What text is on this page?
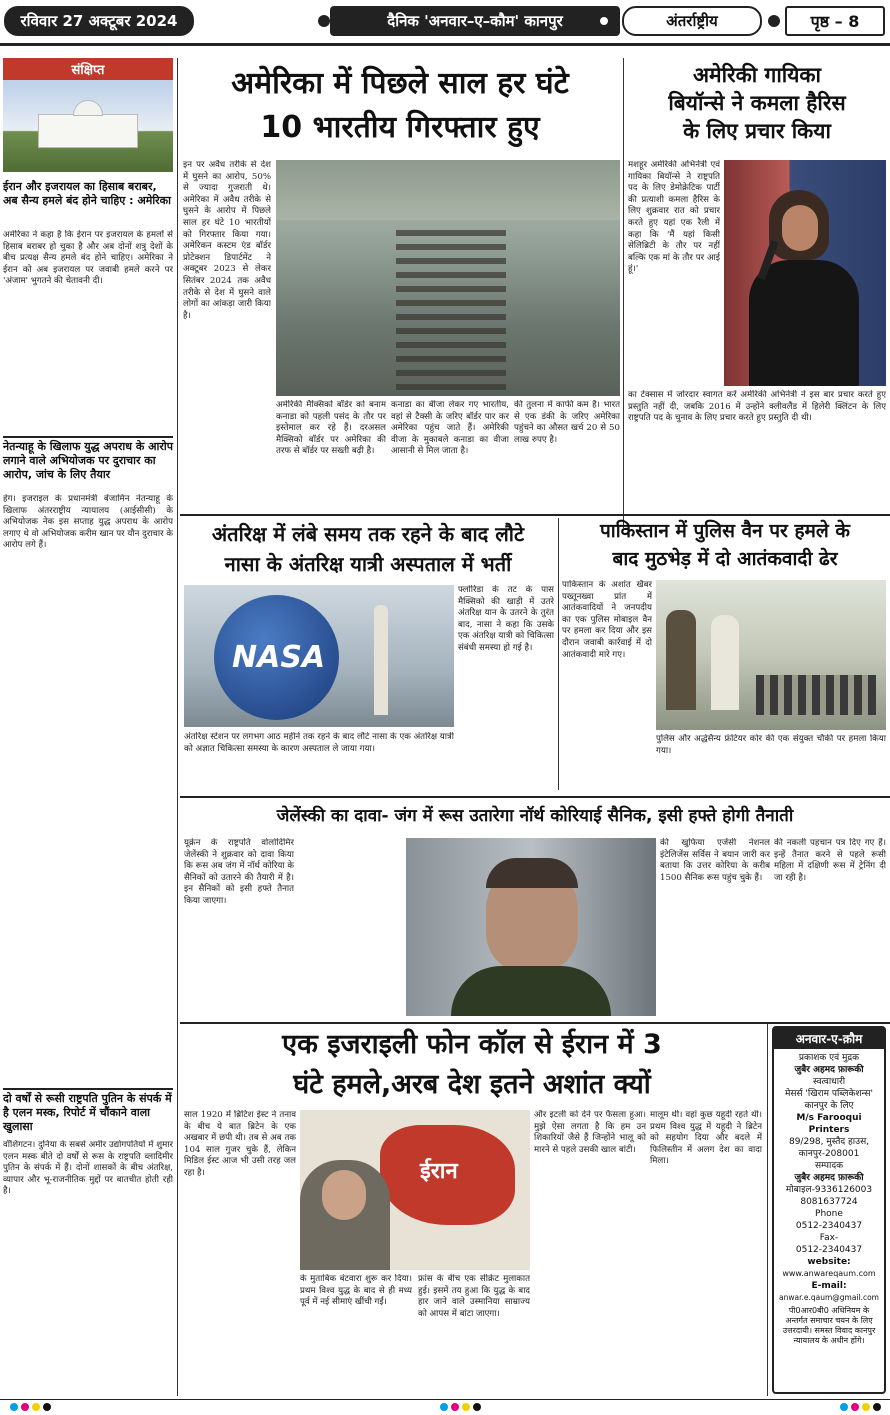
रविवार 27 अक्टूबर 2024	दैनिक 'अनवार–ए–कौम' कानपुर	अंतर्राष्ट्रीय	पृष्ठ – 8
संक्षिप्त
ईरान और इजरायल का हिसाब बराबर, अब सैन्य हमले बंद होने चाहिए : अमेरिका
अमेरिका ने कहा है कि ईरान पर इजरायल के हमलों से हिसाब बराबर हो चुका है और अब दोनों शत्रु देशों के बीच प्रत्यक्ष सैन्य हमले बंद होने चाहिए। अमेरिका ने ईरान को अब इजरायल पर जवाबी हमले करने पर 'अंजाम' भुगतने की चेतावनी दी।
नेतन्याहू के खिलाफ युद्ध अपराध के आरोप लगाने वाले अभियोजक पर दुराचार का आरोप, जांच के लिए तैयार
हेग। इजराइल के प्रधानमंत्री बेंजामिन नेतन्याहू के खिलाफ अंतरराष्ट्रीय न्यायालय (आईसीसी) के अभियोजक नेक इस सप्ताह युद्ध अपराध के आरोप लगाए थे वो अभियोजक करीम खान पर यौन दुराचार के आरोप लगे हैं।
दो वर्षों से रूसी राष्ट्रपति पुतिन के संपर्क में है एलन मस्क, रिपोर्ट में चौंकाने वाला खुलासा
वॉशिंगटन। दुनिया के सबसे अमीर उद्योगपतियों में शुमार एलन मस्क बीते दो वर्षों से रूस के राष्ट्रपति व्लादिमीर पुतिन के संपर्क में हैं। दोनों शासकों के बीच अंतरिक्ष, व्यापार और भू-राजनीतिक मुद्दों पर बातचीत होती रही है।
अमेरिका में पिछले साल हर घंटे
10 भारतीय गिरफ्तार हुए
इन पर अवैध तरीके से देश में घुसने का आरोप, 50% से ज्यादा गुजराती थे। अमेरिका में अवैध तरीके से घुसने के आरोप में पिछले साल हर घंटे 10 भारतीयों को गिरफ्तार किया गया। अमेरिकन कस्टम एंड बॉर्डर प्रोटेक्शन डिपार्टमेंट ने अक्टूबर 2023 से लेकर सितंबर 2024 तक अवैध तरीके से देश में घुसने वाले लोगों का आंकड़ा जारी किया है।
अमेरिकी मैक्सिको बॉर्डर को बनाम कनाडा को पहली पसंद के तौर पर इस्तेमाल कर रहे हैं। दरअसल मैक्सिको बॉर्डर पर अमेरिका की तरफ से बॉर्डर पर सख्ती बढ़ी है।
कनाडा का बीजा लेकर गए भारतीय, वहां से टैक्सी के जरिए बॉर्डर पार कर अमेरिका पहुंच जाते हैं। अमेरिकी वीजा के मुकाबले कनाडा का वीजा आसानी से मिल जाता है।
की तुलना में काफी कम है। भारत से एक डंकी के जरिए अमेरिका पहुंचने का औसत खर्च 20 से 50 लाख रुपए है।
अमेरिकी गायिका
बियॉन्से ने कमला हैरिस
के लिए प्रचार किया
मशहूर अमेरिकी अभिनेत्री एवं गायिका बियॉन्से ने राष्ट्रपति पद के लिए डेमोक्रेटिक पार्टी की प्रत्याशी कमला हैरिस के लिए शुक्रवार रात को प्रचार करते हुए यहां एक रैली में कहा कि 'मैं यहां किसी सेलिब्रिटी के तौर पर नहीं बल्कि एक मां के तौर पर आई हूं।'
का टेक्सास में जोरदार स्वागत करें अमेरिकी अभिनेत्री ने इस बार प्रचार करते हुए प्रस्तुति नहीं दी, जबकि 2016 में उन्होंने क्लीवलैंड में हिलेरी क्लिंटन के लिए राष्ट्रपति पद के चुनाव के लिए प्रचार करते हुए प्रस्तुति दी थी।
अंतरिक्ष में लंबे समय तक रहने के बाद लौटे
नासा के अंतरिक्ष यात्री अस्पताल में भर्ती
NASA
फ्लोरिडा के तट के पास मैक्सिको की खाड़ी में उतरे अंतरिक्ष यान के उतरने के तुरंत बाद, नासा ने कहा कि उसके एक अंतरिक्ष यात्री को चिकित्सा संबंधी समस्या हो गई है।
अंतरिक्ष स्टेशन पर लगभग आठ महीने तक रहने के बाद लौटे नासा के एक अंतरिक्ष यात्री को अज्ञात चिकित्सा समस्या के कारण अस्पताल ले जाया गया।
पाकिस्तान में पुलिस वैन पर हमले के
बाद मुठभेड़ में दो आतंकवादी ढेर
पाकिस्तान के अशांत खैबर पख्तूनख्वा प्रांत में आतंकवादियों ने जनपदीय का एक पुलिस मोबाइल वैन पर हमला कर दिया और इस दौरान जवाबी कार्रवाई में दो आतंकवादी मारे गए।
पुलिस और अर्द्धसैन्य फ्रंटियर कोर की एक संयुक्त चौकी पर हमला किया गया।
जेलेंस्की का दावा- जंग में रूस उतारेगा नॉर्थ कोरियाई सैनिक, इसी हफ्ते होगी तैनाती
यूक्रेन के राष्ट्रपति वोलोदिमिर जेलेंस्की ने शुक्रवार को दावा किया कि रूस अब जंग में नॉर्थ कोरिया के सैनिकों को उतारने की तैयारी में है। इन सैनिकों को इसी हफ्ते तैनात किया जाएगा।
की खुफिया एजेंसी नेशनल इंटेलिजेंस सर्विस ने बयान जारी कर बताया कि उत्तर कोरिया के करीब 1500 सैनिक रूस पहुंच चुके हैं।
की नकली पहचान पत्र दिए गए हैं। इन्हें तैनात करने से पहले रूसी महिला में दक्षिणी रूस में ट्रेनिंग दी जा रही है।
एक इजराइली फोन कॉल से ईरान में 3
घंटे हमले,अरब देश इतने अशांत क्यों
साल 1920 में ब्रिटिश ईस्ट ने तनाव के बीच ये बात ब्रिटेन के एक अखबार में छपी थी। तब से अब तक 104 साल गुजर चुके हैं, लेकिन मिडिल ईस्ट आज भी उसी तरह जल रहा है।	ईरान
के मुताबिक बंटवारा शुरू कर दिया। प्रथम विश्व युद्ध के बाद से ही मध्य पूर्व में नई सीमाएं खींची गईं।
फ्रांस के बीच एक सीक्रेट मुलाकात हुई। इसमें तय हुआ कि युद्ध के बाद हार जाने वाले उस्मानिया साम्राज्य को आपस में बांटा जाएगा।
और इटली को देने पर फैसला हुआ। मुझे ऐसा लगता है कि हम उन शिकारियों जैसे हैं जिन्होंने भालू को मारने से पहले उसकी खाल बांटी।
मालूम थी। वहां कुछ यहूदी रहते थी। प्रथम विश्व युद्ध में यहूदी ने ब्रिटेन को सहयोग दिया और बदले में फिलिस्तीन में अलग देश का वादा मिला।
अनवार-ए-क़ौम
प्रकाशक एवं मुद्रक
जुबैर अहमद फ़ारूकी
स्वत्वाधारी
मेसर्स 'खिराम पब्लिकेशन्स'
कानपुर के लिए
M/s Farooqui Printers
89/298, मुस्तैद हाउस, कानपुर-208001
सम्पादक
जुबैर अहमद फ़ारूकी
मोबाइल-9336126003
8081637724
Phone
0512-2340437
Fax-
0512-2340437
website:
www.anwareqaum.com
E-mail:
anwar.e.qaum@gmail.com
पी0आर0बी0 अधिनियम के अन्तर्गत समाचार चयन के लिए उत्तरदायी। समस्त विवाद कानपुर न्यायालय के अधीन होंगे।
